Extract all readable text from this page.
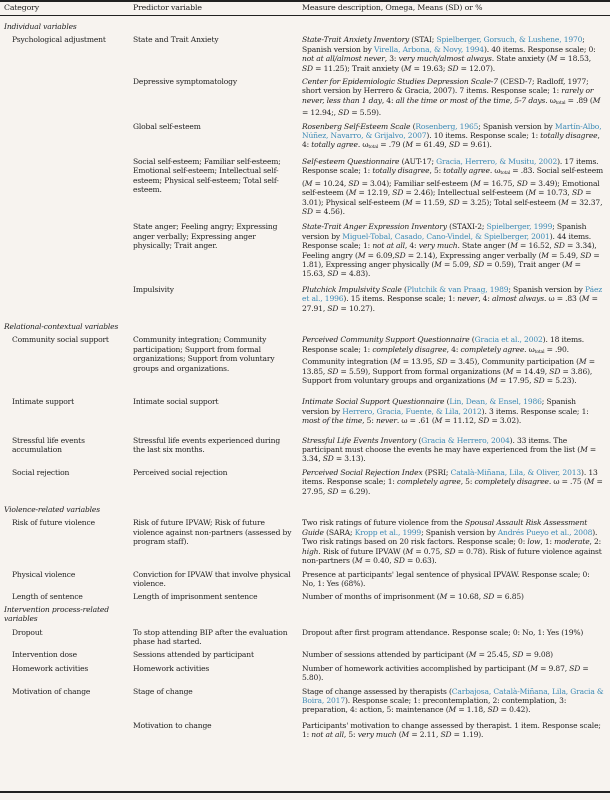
Category	Predictor variable	Measure description, Omega, Means (SD) or %
Individual variables		
Psychological adjustment	State and Trait Anxiety	State-Trait Anxiety Inventory (STAI; Spielberger, Gorsuch, & Lushene, 1970; Spanish version by Virella, Arbona, & Novy, 1994). 40 items. Response scale; 0: not at all/almost never, 3: very much/almost always. State anxiety (M = 18.53, SD = 11.25); Trait anxiety (M = 19.63; SD = 12.07).
	Depressive symptomatology	Center for Epidemiologic Studies Depression Scale-7 (CESD-7; Radloff, 1977; short version by Herrero & Gracia, 2007). 7 items. Response scale; 1: rarely or never, less than 1 day, 4: all the time or most of the time, 5-7 days. $\omega_{total} = .89$ (M = 12.94;, SD = 5.59).
	Global self-esteem	Rosenberg Self-Esteem Scale (Rosenberg, 1965; Spanish version by Martín-Albo, Núñez, Navarro, & Grijalvo, 2007). 10 items. Response scale; 1: totally disagree, 4: totally agree. $\omega_{total} = .79$ (M = 61.49, SD = 9.61).
	Social self-esteem; Familiar self-esteem; Emotional self-esteem; Intellectual self-esteem; Physical self-esteem; Total self-esteem.	Self-esteem Questionnaire (AUT-17; Gracia, Herrero, & Musitu, 2002). 17 items. Response scale; 1: totally disagree, 5: totally agree. $\omega_{total} = .83$. Social self-esteem (M = 10.24, SD = 3.04); Familiar self-esteem (M = 16.75, SD = 3.49); Emotional self-esteem (M = 12.19, SD = 2.46); Intellectual self-esteem (M = 10.73, SD = 3.01); Physical self-esteem (M = 11.59, SD = 3.25); Total self-esteem (M = 32.37, SD = 4.56).
	State anger; Feeling angry; Expressing anger verbally; Expressing anger physically; Trait anger.	State-Trait Anger Expression Inventory (STAXI-2; Spielberger, 1999; Spanish version by Miguel-Tobal, Casado, Cano-Vindel, & Spielberger, 2001). 44 items. Response scale; 1: not at all, 4: very much. State anger (M = 16.52, SD = 3.34), Feeling angry (M = 6.09,SD = 2.14), Expressing anger verbally (M = 5.49, SD = 1.81), Expressing anger physically (M = 5.09, SD = 0.59), Trait anger (M = 15.63, SD = 4.83).
	Impulsivity	Plutchick Impulsivity Scale (Plutchik & van Praag, 1989; Spanish version by Páez et al., 1996). 15 items. Response scale; 1: never, 4: almost always. ω = .83 (M = 27.91, SD = 10.27).
Relational-contextual variables		
Community social support	Community integration; Community participation; Support from formal organizations; Support from voluntary groups and organizations.	Perceived Community Support Questionnaire (Gracia et al., 2002). 18 items. Response scale; 1: completely disagree, 4: completely agree. $\omega_{total} = .90$. Community integration (M = 13.95, SD = 3.45), Community participation (M = 13.85, SD = 5.59), Support from formal organizations (M = 14.49, SD = 3.86), Support from voluntary groups and organizations (M = 17.95, SD = 5.23).
Intimate support	Intimate social support	Intimate Social Support Questionnaire (Lin, Dean, & Ensel, 1986; Spanish version by Herrero, Gracia, Fuente, & Lila, 2012). 3 items. Response scale; 1: most of the time, 5: never. ω = .61 (M = 11.12, SD = 3.02).
Stressful life events accumulation	Stressful life events experienced during the last six months.	Stressful Life Events Inventory (Gracia & Herrero, 2004). 33 items. The participant must choose the events he may have experienced from the list (M = 3.34, SD = 3.13).
Social rejection	Perceived social rejection	Perceived Social Rejection Index (PSRI; Català-Miñana, Lila, & Oliver, 2013). 13 items. Response scale; 1: completely agree, 5: completely disagree. ω = .75 (M = 27.95, SD = 6.29).
Violence-related variables		
Risk of future violence	Risk of future IPVAW; Risk of future violence against non-partners (assessed by program staff).	Two risk ratings of future violence from the Spousal Assault Risk Assessment Guide (SARA; Kropp et al., 1999; Spanish version by Andrés Pueyo et al., 2008). Two risk ratings based on 20 risk factors. Response scale; 0: low, 1: moderate, 2: high. Risk of future IPVAW (M = 0.75, SD = 0.78). Risk of future violence against non-partners (M = 0.40, SD = 0.63).
Physical violence	Conviction for IPVAW that involve physical violence.	Presence at participants' legal sentence of physical IPVAW. Response scale; 0: No, 1: Yes (68%).
Length of sentence	Length of imprisonment sentence	Number of months of imprisonment (M = 10.68, SD = 6.85)
Intervention process-related variables		
Dropout	To stop attending BIP after the evaluation phase had started.	Dropout after first program attendance. Response scale; 0: No, 1: Yes (19%)
Intervention dose	Sessions attended by participant	Number of sessions attended by participant (M = 25.45, SD = 9.08)
Homework activities	Homework activities	Number of homework activities accomplished by participant (M = 9.87, SD = 5.80).
Motivation of change	Stage of change	Stage of change assessed by therapists (Carbajosa, Català-Miñana, Lila, Gracia & Boira, 2017). Response scale; 1: precontemplation, 2: contemplation, 3: preparation, 4: action, 5: maintenance (M = 1.18, SD = 0.42).
	Motivation to change	Participants' motivation to change assessed by therapist. 1 item. Response scale; 1: not at all, 5: very much (M = 2.11, SD = 1.19).
